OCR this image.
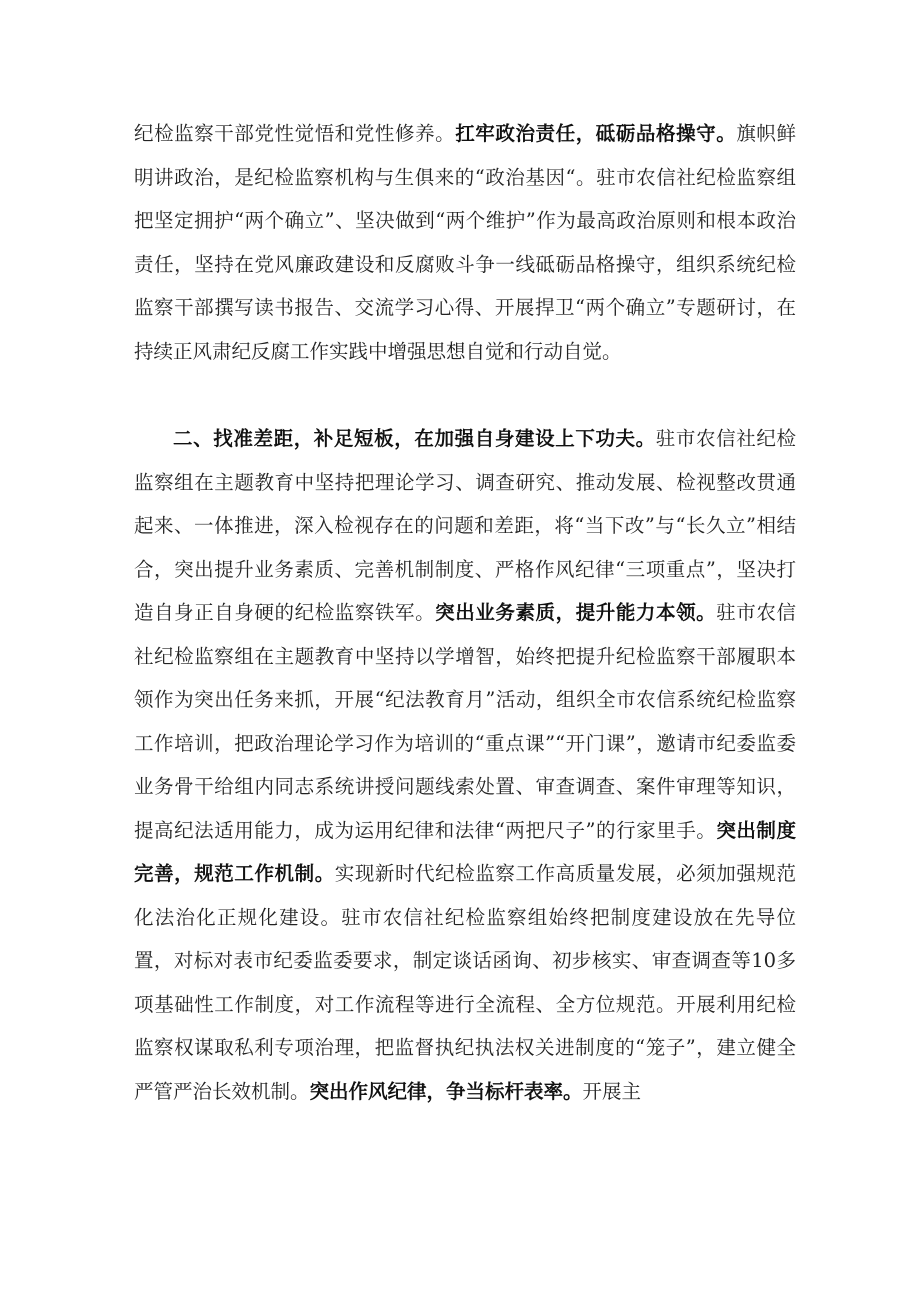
纪检监察干部党性觉悟和党性修养。扛牢政治责任，砥砺品格操守。旗帜鲜明讲政治，是纪检监察机构与生俱来的“政治基因“。驻市农信社纪检监察组把坚定拥护“两个确立”、坚决做到“两个维护”作为最高政治原则和根本政治责任，坚持在党风廉政建设和反腐败斗争一线砥砺品格操守，组织系统纪检监察干部撰写读书报告、交流学习心得、开展捍卫“两个确立”专题研讨，在持续正风肃纪反腐工作实践中增强思想自觉和行动自觉。

二、找准差距，补足短板，在加强自身建设上下功夫。驻市农信社纪检监察组在主题教育中坚持把理论学习、调查研究、推动发展、检视整改贯通起来、一体推进，深入检视存在的问题和差距，将“当下改”与“长久立”相结合，突出提升业务素质、完善机制制度、严格作风纪律“三项重点”，坚决打造自身正自身硬的纪检监察铁军。突出业务素质，提升能力本领。驻市农信社纪检监察组在主题教育中坚持以学增智，始终把提升纪检监察干部履职本领作为突出任务来抓，开展“纪法教育月”活动，组织全市农信系统纪检监察工作培训，把政治理论学习作为培训的“重点课”“开门课”，邀请市纪委监委业务骨干给组内同志系统讲授问题线索处置、审查调查、案件审理等知识，提高纪法适用能力，成为运用纪律和法律“两把尺子”的行家里手。突出制度完善，规范工作机制。实现新时代纪检监察工作高质量发展，必须加强规范化法治化正规化建设。驻市农信社纪检监察组始终把制度建设放在先导位置，对标对表市纪委监委要求，制定谈话函询、初步核实、审查调查等10多项基础性工作制度，对工作流程等进行全流程、全方位规范。开展利用纪检监察权谋取私利专项治理，把监督执纪执法权关进制度的“笼子”，建立健全严管严治长效机制。突出作风纪律，争当标杆表率。开展主
